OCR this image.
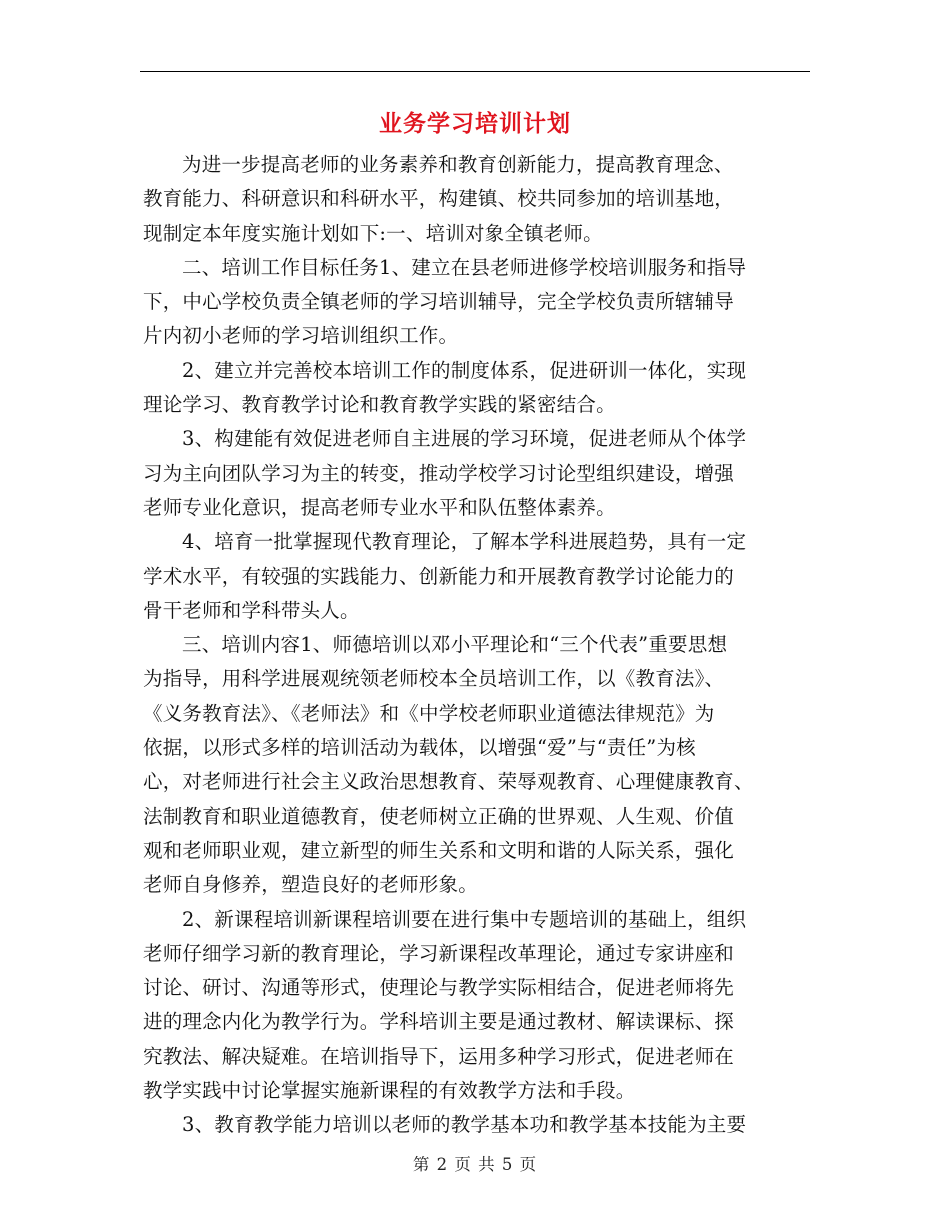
业务学习培训计划

为进一步提高老师的业务素养和教育创新能力，提高教育理念、
教育能力、科研意识和科研水平，构建镇、校共同参加的培训基地，
现制定本年度实施计划如下:一、培训对象全镇老师。

二、培训工作目标任务1、建立在县老师进修学校培训服务和指导
下，中心学校负责全镇老师的学习培训辅导，完全学校负责所辖辅导
片内初小老师的学习培训组织工作。

2、建立并完善校本培训工作的制度体系，促进研训一体化，实现
理论学习、教育教学讨论和教育教学实践的紧密结合。

3、构建能有效促进老师自主进展的学习环境，促进老师从个体学
习为主向团队学习为主的转变，推动学校学习讨论型组织建设，增强
老师专业化意识，提高老师专业水平和队伍整体素养。

4、培育一批掌握现代教育理论，了解本学科进展趋势，具有一定
学术水平，有较强的实践能力、创新能力和开展教育教学讨论能力的
骨干老师和学科带头人。

三、培训内容1、师德培训以邓小平理论和“三个代表”重要思想
为指导，用科学进展观统领老师校本全员培训工作，以《教育法》、
《义务教育法》、《老师法》和《中学校老师职业道德法律规范》为
依据，以形式多样的培训活动为载体，以增强“爱”与“责任”为核
心，对老师进行社会主义政治思想教育、荣辱观教育、心理健康教育、
法制教育和职业道德教育，使老师树立正确的世界观、人生观、价值
观和老师职业观，建立新型的师生关系和文明和谐的人际关系，强化
老师自身修养，塑造良好的老师形象。

2、新课程培训新课程培训要在进行集中专题培训的基础上，组织
老师仔细学习新的教育理论，学习新课程改革理论，通过专家讲座和
讨论、研讨、沟通等形式，使理论与教学实际相结合，促进老师将先
进的理念内化为教学行为。学科培训主要是通过教材、解读课标、探
究教法、解决疑难。在培训指导下，运用多种学习形式，促进老师在
教学实践中讨论掌握实施新课程的有效教学方法和手段。

3、教育教学能力培训以老师的教学基本功和教学基本技能为主要

第 2 页 共 5 页
